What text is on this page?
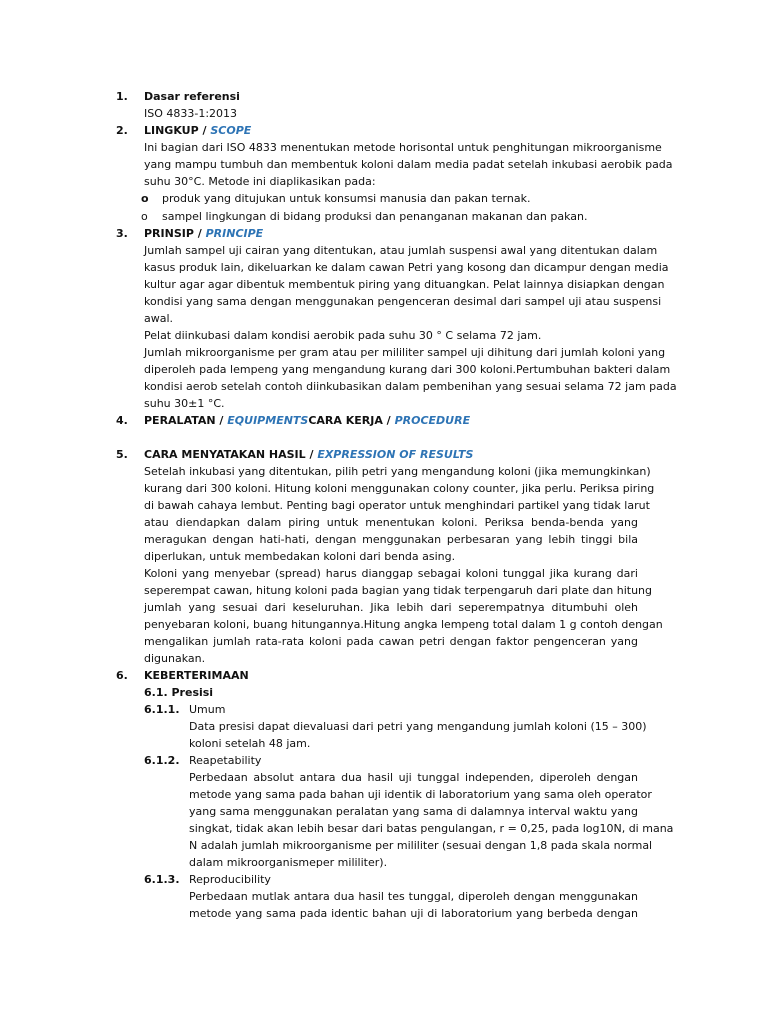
1. Dasar referensi
ISO 4833-1:2013
2. LINGKUP / SCOPE
Ini bagian dari ISO 4833 menentukan metode horisontal untuk penghitungan mikroorganisme
yang mampu tumbuh dan membentuk koloni dalam media padat setelah inkubasi aerobik pada
suhu 30°C. Metode ini diaplikasikan pada:
o produk yang ditujukan untuk konsumsi manusia dan pakan ternak.
o sampel lingkungan di bidang produksi dan penanganan makanan dan pakan.
3. PRINSIP / PRINCIPE
Jumlah sampel uji cairan yang ditentukan, atau jumlah suspensi awal yang ditentukan dalam
kasus produk lain, dikeluarkan ke dalam cawan Petri yang kosong dan dicampur dengan media
kultur agar agar dibentuk membentuk piring yang dituangkan. Pelat lainnya disiapkan dengan
kondisi yang sama dengan menggunakan pengenceran desimal dari sampel uji atau suspensi
awal.
Pelat diinkubasi dalam kondisi aerobik pada suhu 30 ° C selama 72 jam.
Jumlah mikroorganisme per gram atau per mililiter sampel uji dihitung dari jumlah koloni yang
diperoleh pada lempeng yang mengandung kurang dari 300 koloni.Pertumbuhan bakteri dalam
kondisi aerob setelah contoh diinkubasikan dalam pembenihan yang sesuai selama 72 jam pada
suhu 30±1 °C.
4. PERALATAN / EQUIPMENTSCARA KERJA / PROCEDURE
5. CARA MENYATAKAN HASIL / EXPRESSION OF RESULTS
Setelah inkubasi yang ditentukan, pilih petri yang mengandung koloni (jika memungkinkan)
kurang dari 300 koloni. Hitung koloni menggunakan colony counter, jika perlu. Periksa piring
di bawah cahaya lembut. Penting bagi operator untuk menghindari partikel yang tidak larut
atau diendapkan dalam piring untuk menentukan koloni. Periksa benda-benda yang
meragukan dengan hati-hati, dengan menggunakan perbesaran yang lebih tinggi bila
diperlukan, untuk membedakan koloni dari benda asing.
Koloni yang menyebar (spread) harus dianggap sebagai koloni tunggal jika kurang dari
seperempat cawan, hitung koloni pada bagian yang tidak terpengaruh dari plate dan hitung
jumlah yang sesuai dari keseluruhan. Jika lebih dari seperempatnya ditumbuhi oleh
penyebaran koloni, buang hitungannya.Hitung angka lempeng total dalam 1 g contoh dengan
mengalikan jumlah rata-rata koloni pada cawan petri dengan faktor pengenceran yang
digunakan.
6. KEBERTERIMAAN
6.1. Presisi
6.1.1. Umum
Data presisi dapat dievaluasi dari petri yang mengandung jumlah koloni (15 – 300)
koloni setelah 48 jam.
6.1.2. Reapetability
Perbedaan absolut antara dua hasil uji tunggal independen, diperoleh dengan
metode yang sama pada bahan uji identik di laboratorium yang sama oleh operator
yang sama menggunakan peralatan yang sama di dalamnya interval waktu yang
singkat, tidak akan lebih besar dari batas pengulangan, r = 0,25, pada log10N, di mana
N adalah jumlah mikroorganisme per mililiter (sesuai dengan 1,8 pada skala normal
dalam mikroorganismeper mililiter).
6.1.3. Reproducibility
Perbedaan mutlak antara dua hasil tes tunggal, diperoleh dengan menggunakan
metode yang sama pada identic bahan uji di laboratorium yang berbeda dengan
